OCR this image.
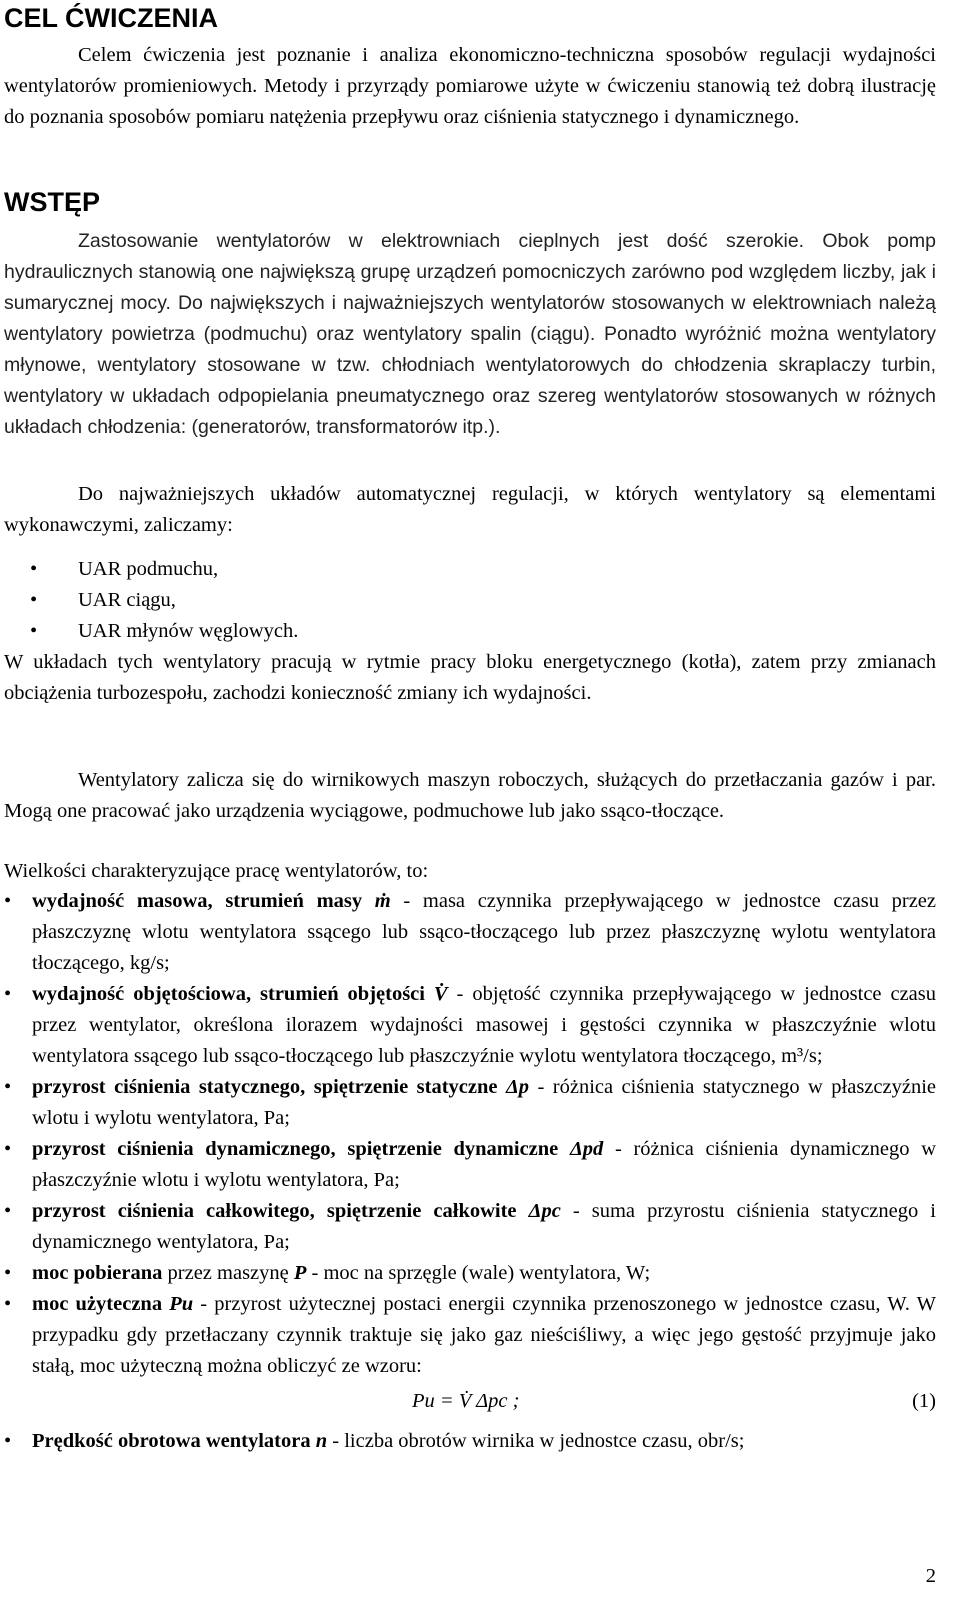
CEL ĆWICZENIA

Celem ćwiczenia jest poznanie i analiza ekonomiczno-techniczna sposobów regulacji wydajności wentylatorów promieniowych. Metody i przyrządy pomiarowe użyte w ćwiczeniu stanowią też dobrą ilustrację do poznania sposobów pomiaru natężenia przepływu oraz ciśnienia statycznego i dynamicznego.

WSTĘP

Zastosowanie wentylatorów w elektrowniach cieplnych jest dość szerokie. Obok pomp hydraulicznych stanowią one największą grupę urządzeń pomocniczych zarówno pod względem liczby, jak i sumarycznej mocy. Do największych i najważniejszych wentylatorów stosowanych w elektrowniach należą wentylatory powietrza (podmuchu) oraz wentylatory spalin (ciągu). Ponadto wyróżnić można wentylatory młynowe, wentylatory stosowane w tzw. chłodniach wentylatorowych do chłodzenia skraplaczy turbin, wentylatory w układach odpopielania pneumatycznego oraz szereg wentylatorów stosowanych w różnych układach chłodzenia: (generatorów, transformatorów itp.).

Do najważniejszych układów automatycznej regulacji, w których wentylatory są elementami wykonawczymi, zaliczamy:

• UAR podmuchu,
• UAR ciągu,
• UAR młynów węglowych.

W układach tych wentylatory pracują w rytmie pracy bloku energetycznego (kotła), zatem przy zmianach obciążenia turbozespołu, zachodzi konieczność zmiany ich wydajności.

Wentylatory zalicza się do wirnikowych maszyn roboczych, służących do przetłaczania gazów i par. Mogą one pracować jako urządzenia wyciągowe, podmuchowe lub jako ssąco-tłoczące.

Wielkości charakteryzujące pracę wentylatorów, to:

• wydajność masowa, strumień masy ṁ - masa czynnika przepływającego w jednostce czasu przez płaszczyznę wlotu wentylatora ssącego lub ssąco-tłoczącego lub przez płaszczyznę wylotu wentylatora tłoczącego, kg/s;
• wydajność objętościowa, strumień objętości V̇ - objętość czynnika przepływającego w jednostce czasu przez wentylator, określona ilorazem wydajności masowej i gęstości czynnika w płaszczyźnie wlotu wentylatora ssącego lub ssąco-tłoczącego lub płaszczyźnie wylotu wentylatora tłoczącego, m³/s;
• przyrost ciśnienia statycznego, spiętrzenie statyczne Δp - różnica ciśnienia statycznego w płaszczyźnie wlotu i wylotu wentylatora, Pa;
• przyrost ciśnienia dynamicznego, spiętrzenie dynamiczne Δpd - różnica ciśnienia dynamicznego w płaszczyźnie wlotu i wylotu wentylatora, Pa;
• przyrost ciśnienia całkowitego, spiętrzenie całkowite Δpc - suma przyrostu ciśnienia statycznego i dynamicznego wentylatora, Pa;
• moc pobierana przez maszynę P - moc na sprzęgle (wale) wentylatora, W;
• moc użyteczna Pu - przyrost użytecznej postaci energii czynnika przenoszonego w jednostce czasu, W. W przypadku gdy przetłaczany czynnik traktuje się jako gaz nieściśliwy, a więc jego gęstość przyjmuje jako stałą, moc użyteczną można obliczyć ze wzoru:
Pu = V̇ Δpc ;	(1)
• Prędkość obrotowa wentylatora n - liczba obrotów wirnika w jednostce czasu, obr/s;
2
